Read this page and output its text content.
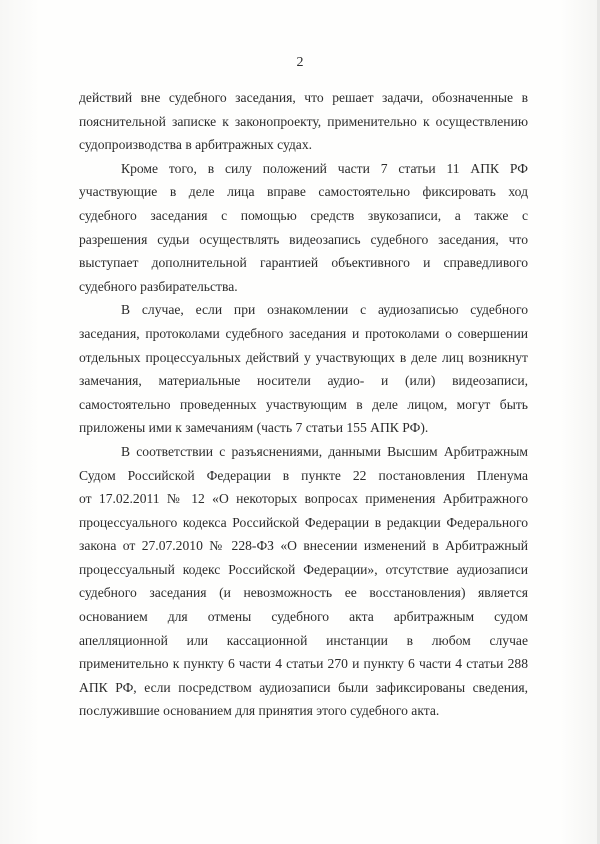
2

действий вне судебного заседания, что решает задачи, обозначенные в

пояснительной записке к законопроекту, применительно к осуществлению

судопроизводства в арбитражных судах.

Кроме того, в силу положений части 7 статьи 11 АПК РФ

участвующие в деле лица вправе самостоятельно фиксировать ход

судебного заседания с помощью средств звукозаписи, а также с

разрешения судьи осуществлять видеозапись судебного заседания, что

выступает дополнительной гарантией объективного и справедливого

судебного разбирательства.

В случае, если при ознакомлении с аудиозаписью судебного

заседания, протоколами судебного заседания и протоколами о совершении

отдельных процессуальных действий у участвующих в деле лиц возникнут

замечания, материальные носители аудио- и (или) видеозаписи,

самостоятельно проведенных участвующим в деле лицом, могут быть

приложены ими к замечаниям (часть 7 статьи 155 АПК РФ).

В соответствии с разъяснениями, данными Высшим Арбитражным

Судом Российской Федерации в пункте 22 постановления Пленума

от 17.02.2011 № 12 «О некоторых вопросах применения Арбитражного

процессуального кодекса Российской Федерации в редакции Федерального

закона от 27.07.2010 № 228-ФЗ «О внесении изменений в Арбитражный

процессуальный кодекс Российской Федерации», отсутствие аудиозаписи

судебного заседания (и невозможность ее восстановления) является

основанием для отмены судебного акта арбитражным судом

апелляционной или кассационной инстанции в любом случае

применительно к пункту 6 части 4 статьи 270 и пункту 6 части 4 статьи 288

АПК РФ, если посредством аудиозаписи были зафиксированы сведения,

послужившие основанием для принятия этого судебного акта.
